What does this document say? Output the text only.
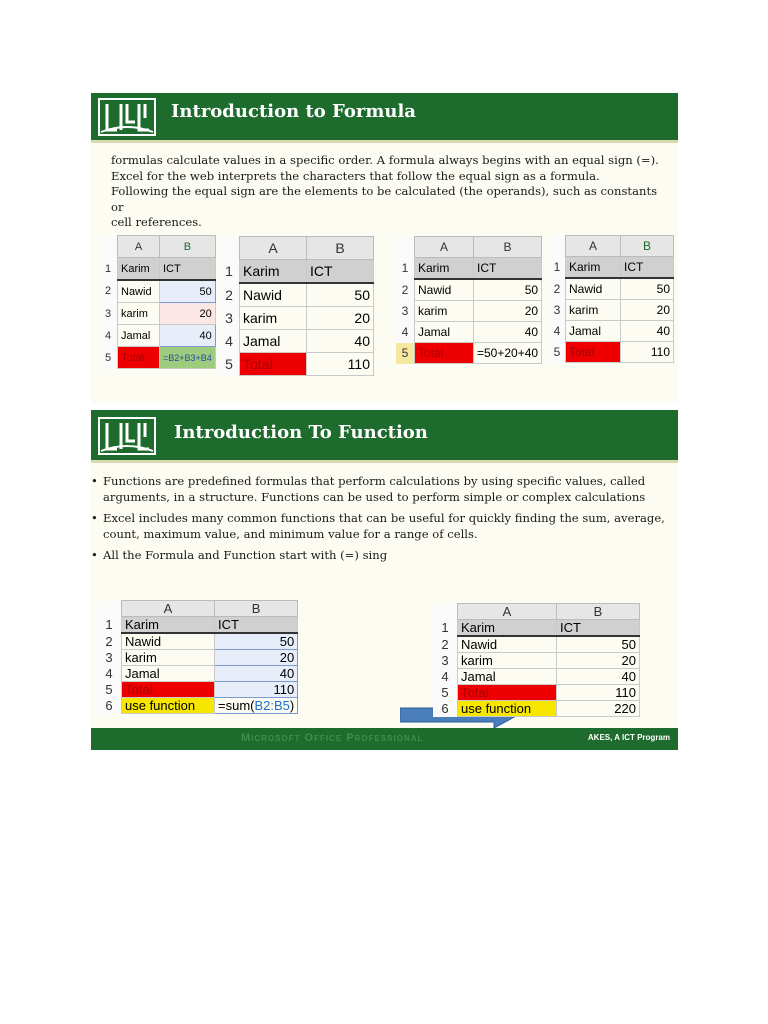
Introduction to Formula
formulas calculate values in a specific order. A formula always begins with an equal sign (=).
Excel for the web interprets the characters that follow the equal sign as a formula.
Following the equal sign are the elements to be calculated (the operands), such as constants or
cell references.
	A	B
1	Karim	ICT
2	Nawid	50
3	karim	20
4	Jamal	40
5	Total	=B2+B3+B4
	A	B
1	Karim	ICT
2	Nawid	50
3	karim	20
4	Jamal	40
5	Total	110
	A	B
1	Karim	ICT
2	Nawid	50
3	karim	20
4	Jamal	40
5	Total	=50+20+40
	A	B
1	Karim	ICT
2	Nawid	50
3	karim	20
4	Jamal	40
5	Total	110
Introduction To Function
• Functions are predefined formulas that perform calculations by using specific values, called arguments, in a structure. Functions can be used to perform simple or complex calculations
• Excel includes many common functions that can be useful for quickly finding the sum, average, count, maximum value, and minimum value for a range of cells.
• All the Formula and Function start with (=) sing
	A	B
1	Karim	ICT
2	Nawid	50
3	karim	20
4	Jamal	40
5	Total	110
6	use function	=sum(B2:B5)
	A	B
1	Karim	ICT
2	Nawid	50
3	karim	20
4	Jamal	40
5	Total	110
6	use function	220
Microsoft Office Professional	AKES, A ICT Program
